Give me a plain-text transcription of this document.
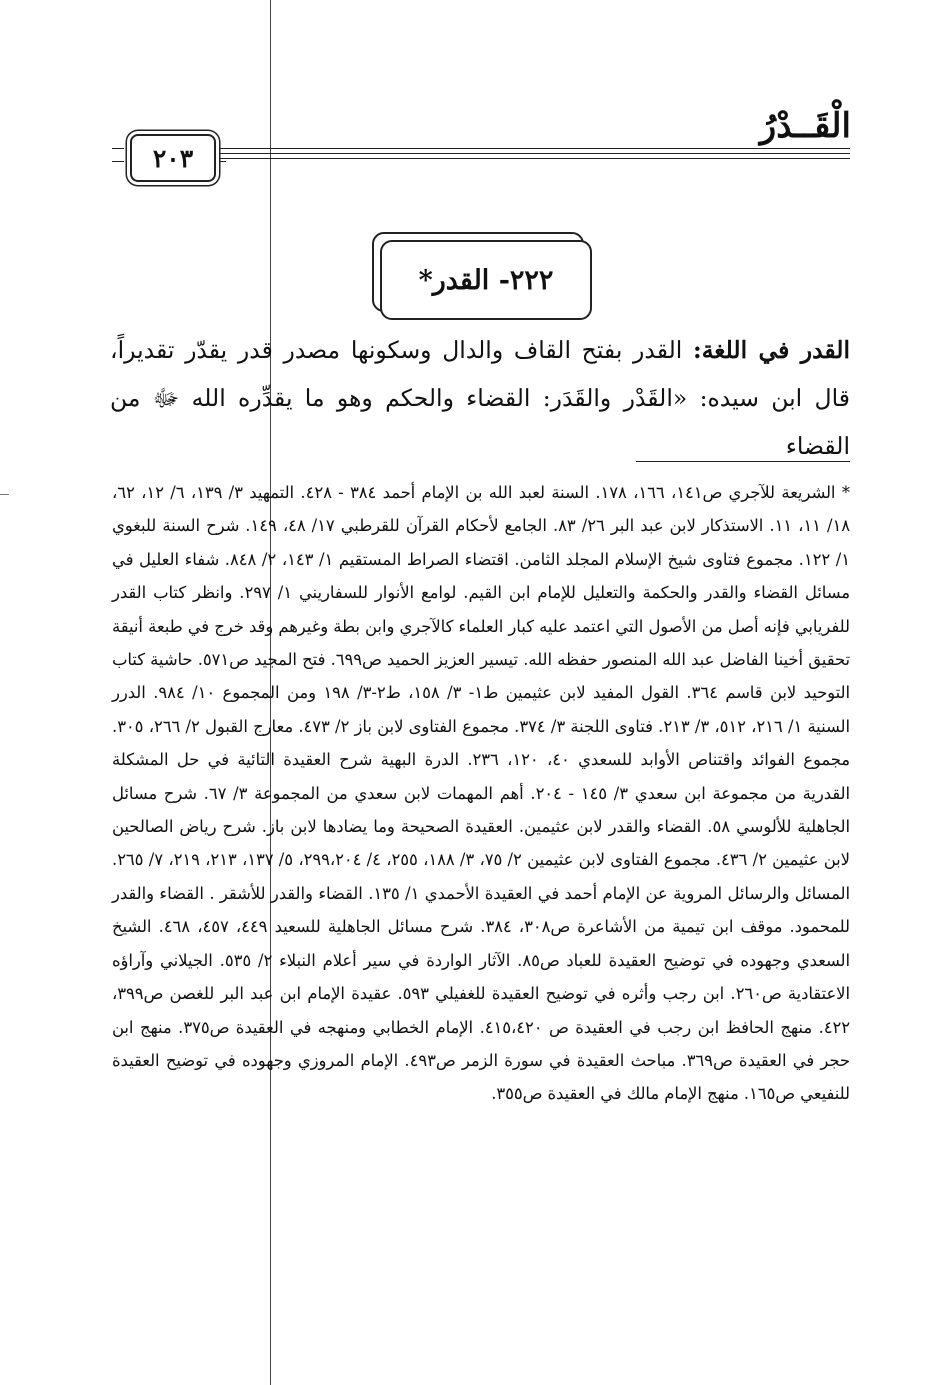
الْقَــدْرُ
٢٠٣
٢٢٢- القدر*

القدر في اللغة: القدر بفتح القاف والدال وسكونها مصدر قدر يقدّر تقديراً، قال ابن سيده: «القَدْر والقَدَر: القضاء والحكم وهو ما يقدِّره الله ﷻ من القضاء

* الشريعة للآجري ص١٤١، ١٦٦، ١٧٨. السنة لعبد الله بن الإمام أحمد ٣٨٤ - ٤٢٨. التمهيد ٣/ ١٣٩، ٦/ ١٢، ٦٢، ١٨/ ١١، ١١. الاستذكار لابن عبد البر ٢٦/ ٨٣. الجامع لأحكام القرآن للقرطبي ١٧/ ٤٨، ١٤٩. شرح السنة للبغوي ١/ ١٢٢. مجموع فتاوى شيخ الإسلام المجلد الثامن. اقتضاء الصراط المستقيم ١/ ١٤٣، ٢/ ٨٤٨. شفاء العليل في مسائل القضاء والقدر والحكمة والتعليل للإمام ابن القيم. لوامع الأنوار للسفاريني ١/ ٢٩٧. وانظر كتاب القدر للفريابي فإنه أصل من الأصول التي اعتمد عليه كبار العلماء كالآجري وابن بطة وغيرهم وقد خرج في طبعة أنيقة تحقيق أخينا الفاضل عبد الله المنصور حفظه الله. تيسير العزيز الحميد ص٦٩٩. فتح المجيد ص٥٧١. حاشية كتاب التوحيد لابن قاسم ٣٦٤. القول المفيد لابن عثيمين ط١- ٣/ ١٥٨، ط٢-٣/ ١٩٨ ومن المجموع ١٠/ ٩٨٤. الدرر السنية ١/ ٢١٦، ٥١٢، ٣/ ٢١٣. فتاوى اللجنة ٣/ ٣٧٤. مجموع الفتاوى لابن باز ٢/ ٤٧٣. معارج القبول ٢/ ٢٦٦، ٣٠٥. مجموع الفوائد واقتناص الأوابد للسعدي ٤٠، ١٢٠، ٢٣٦. الدرة البهية شرح العقيدة التائية في حل المشكلة القدرية من مجموعة ابن سعدي ٣/ ١٤٥ - ٢٠٤. أهم المهمات لابن سعدي من المجموعة ٣/ ٦٧. شرح مسائل الجاهلية للألوسي ٥٨. القضاء والقدر لابن عثيمين. العقيدة الصحيحة وما يضادها لابن باز. شرح رياض الصالحين لابن عثيمين ٢/ ٤٣٦. مجموع الفتاوى لابن عثيمين ٢/ ٧٥، ٣/ ١٨٨، ٢٥٥، ٤/ ٢٩٩،٢٠٤، ٥/ ١٣٧، ٢١٣، ٢١٩، ٧/ ٢٦٥. المسائل والرسائل المروية عن الإمام أحمد في العقيدة الأحمدي ١/ ١٣٥. القضاء والقدر للأشقر . القضاء والقدر للمحمود. موقف ابن تيمية من الأشاعرة ص٣٠٨، ٣٨٤. شرح مسائل الجاهلية للسعيد ٤٤٩، ٤٥٧، ٤٦٨. الشيخ السعدي وجهوده في توضيح العقيدة للعباد ص٨٥. الآثار الواردة في سير أعلام النبلاء ٢/ ٥٣٥. الجيلاني وآراؤه الاعتقادية ص٢٦٠. ابن رجب وأثره في توضيح العقيدة للغفيلي ٥٩٣. عقيدة الإمام ابن عبد البر للغصن ص٣٩٩، ٤٢٢. منهج الحافظ ابن رجب في العقيدة ص ٤١٥،٤٢٠. الإمام الخطابي ومنهجه في العقيدة ص٣٧٥. منهج ابن حجر في العقيدة ص٣٦٩. مباحث العقيدة في سورة الزمر ص٤٩٣. الإمام المروزي وجهوده في توضيح العقيدة للنفيعي ص١٦٥. منهج الإمام مالك في العقيدة ص٣٥٥.
